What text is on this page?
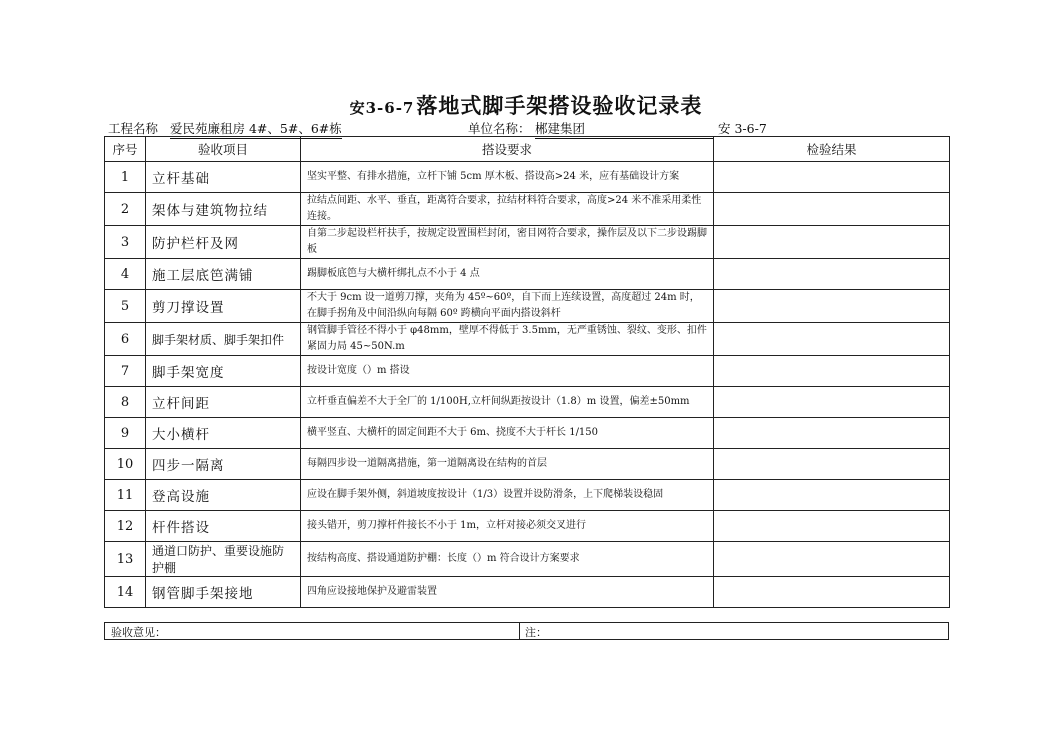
安3-6-7落地式脚手架搭设验收记录表
工程名称 爱民苑廉租房 4#、5#、6#栋	单位名称： 郴建集团	安 3-6-7
序号	验收项目	搭设要求	检验结果
1	立杆基础	坚实平整、有排水措施，立杆下铺 5cm 厚木板、搭设高>24 米，应有基础设计方案	
2	架体与建筑物拉结	拉结点间距、水平、垂直，距离符合要求，拉结材料符合要求，高度>24 米不准采用柔性连接。	
3	防护栏杆及网	自第二步起设栏杆扶手，按规定设置围栏封闭，密目网符合要求，操作层及以下二步设踢脚板	
4	施工层底笆满铺	踢脚板底笆与大横杆绑扎点不小于 4 点	
5	剪刀撑设置	不大于 9cm 设一道剪刀撑，夹角为 45º~60º，自下而上连续设置，高度超过 24m 时，在脚手拐角及中间沿纵向每隔 60º 跨横向平面内搭设斜杆	
6	脚手架材质、脚手架扣件	钢管脚手管径不得小于 φ48mm，壁厚不得低于 3.5mm，无严重锈蚀、裂纹、变形、扣件紧固力局 45~50N.m	
7	脚手架宽度	按设计宽度（）m 搭设	
8	立杆间距	立杆垂直偏差不大于全厂的 1/100H,立杆间纵距按设计（1.8）m 设置，偏差±50mm	
9	大小横杆	横平竖直、大横杆的固定间距不大于 6m、挠度不大于杆长 1/150	
10	四步一隔离	每隔四步设一道隔离措施，第一道隔离设在结构的首层	
11	登高设施	应设在脚手架外侧，斜道坡度按设计（1/3）设置并设防滑条，上下爬梯装设稳固	
12	杆件搭设	接头错开，剪刀撑杆件接长不小于 1m，立杆对接必须交叉进行	
13	通道口防护、重要设施防护棚	按结构高度、搭设通道防护棚：长度（）m 符合设计方案要求	
14	钢管脚手架接地	四角应设接地保护及避雷装置	
验收意见：	注：
